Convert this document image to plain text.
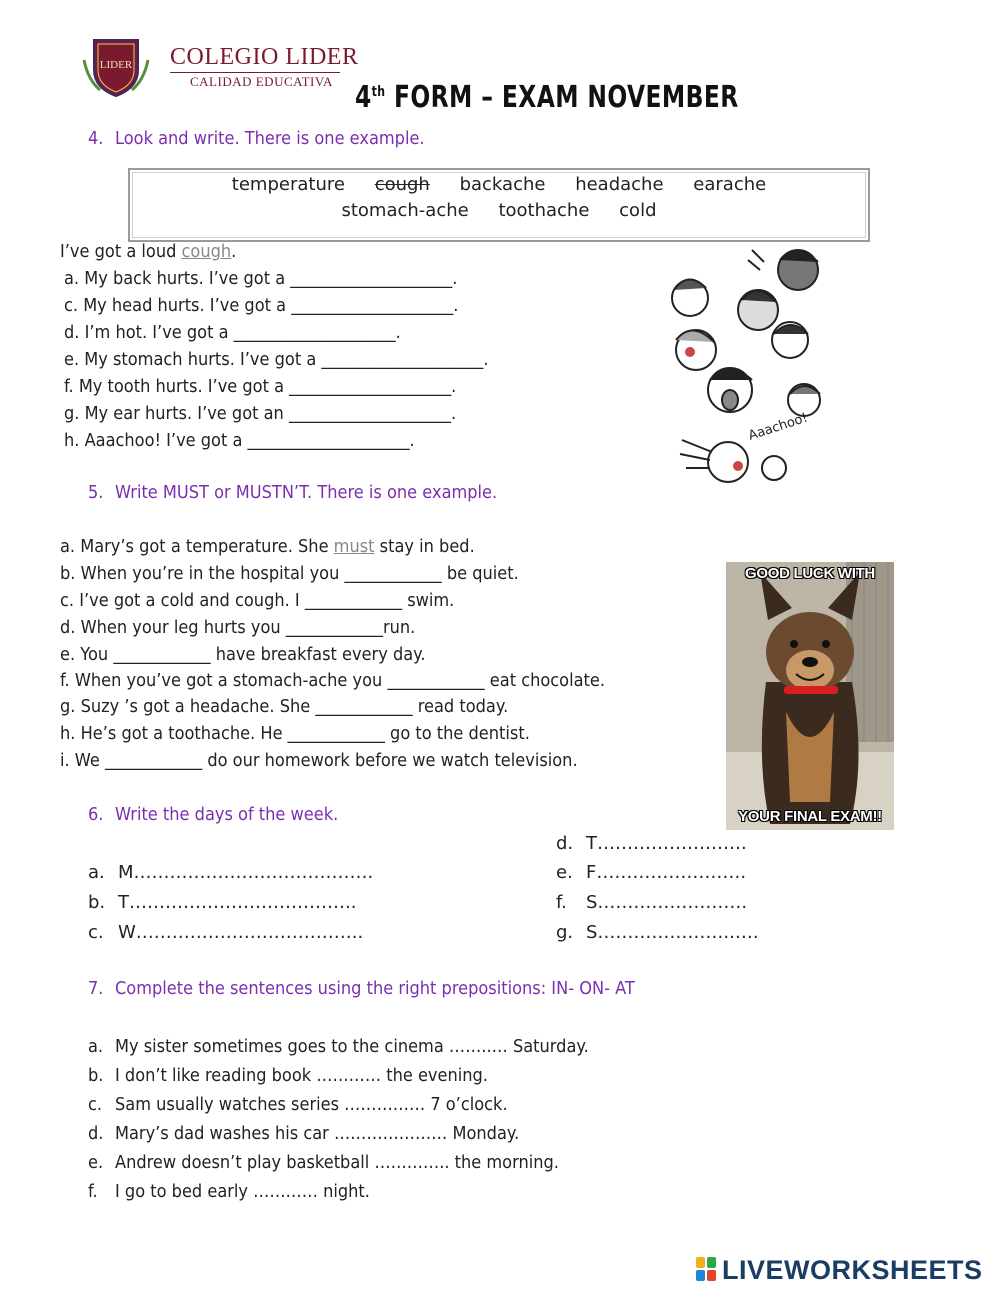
LIDER COLEGIO LIDER
CALIDAD EDUCATIVA 4th FORM – EXAM NOVEMBER
4. Look and write. There is one example.
temperature cough backache headache earache
stomach-ache toothache cold
I’ve got a loud cough.
a. My back hurts. I’ve got a ____________________.
c. My head hurts. I’ve got a ____________________.
d. I’m hot. I’ve got a ____________________.
e. My stomach hurts. I’ve got a ____________________.
f. My tooth hurts. I’ve got a ____________________.
g. My ear hurts. I’ve got an ____________________.
h. Aaachoo! I’ve got a ____________________.	Aaachoo!
5. Write MUST or MUSTN’T. There is one example.
a. Mary’s got a temperature. She must stay in bed.
b. When you’re in the hospital you ____________ be quiet.
c. I’ve got a cold and cough. I ____________ swim.
d. When your leg hurts you ____________run.
e. You ____________ have breakfast every day.
f. When you’ve got a stomach-ache you ____________ eat chocolate.
g. Suzy ’s got a headache. She ____________ read today.
h. He’s got a toothache. He ____________ go to the dentist.
i. We ____________ do our homework before we watch television.
GOOD LUCK WITH
YOUR FINAL EXAM!!
6. Write the days of the week.
a. M………………………………….
b. T………………………………..
c. W………………………………..
d. T…………………….
e. F…………………….
f. S…………………….
g. S…………………..….
7. Complete the sentences using the right prepositions: IN- ON- AT
a. My sister sometimes goes to the cinema ……..… Saturday.
b. I don’t like reading book ………… the evening.
c. Sam usually watches series …………… 7 o’clock.
d. Mary’s dad washes his car ………………… Monday.
e. Andrew doesn’t play basketball ………….. the morning.
f. I go to bed early ………… night.
LIVEWORKSHEETS
